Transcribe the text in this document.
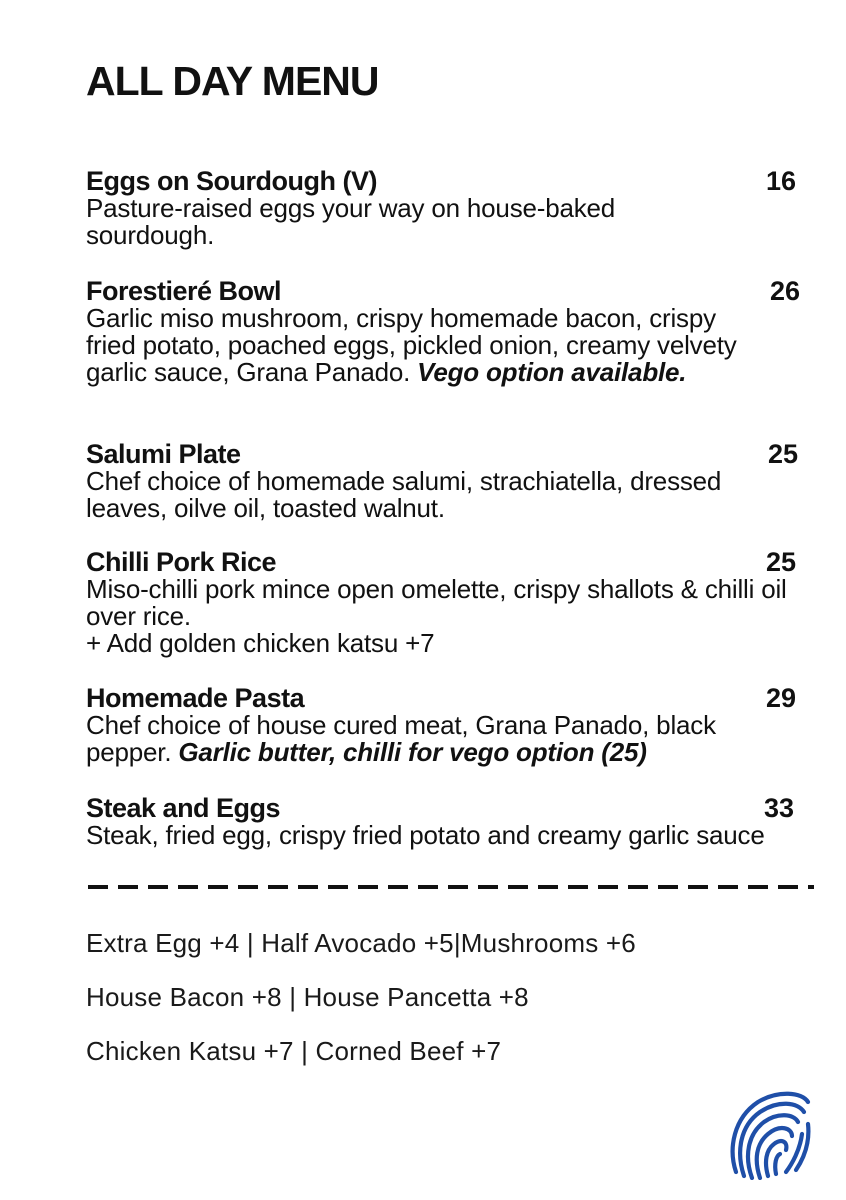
ALL DAY MENU
Eggs on Sourdough (V)	16
Pasture-raised eggs your way on house-baked sourdough.
Forestieré Bowl	26
Garlic miso mushroom, crispy homemade bacon, crispy fried potato, poached eggs, pickled onion, creamy velvety garlic sauce, Grana Panado. Vego option available.
Salumi Plate	25
Chef choice of homemade salumi, strachiatella, dressed leaves, oilve oil, toasted walnut.
Chilli Pork Rice	25
Miso-chilli pork mince open omelette, crispy shallots & chilli oil over rice.
+ Add golden chicken katsu +7
Homemade Pasta	29
Chef choice of house cured meat, Grana Panado, black pepper. Garlic butter, chilli for vego option (25)
Steak and Eggs	33
Steak, fried egg, crispy fried potato and creamy garlic sauce
Extra Egg +4 | Half Avocado +5|Mushrooms +6
House Bacon +8 | House Pancetta +8
Chicken Katsu +7 | Corned Beef +7
